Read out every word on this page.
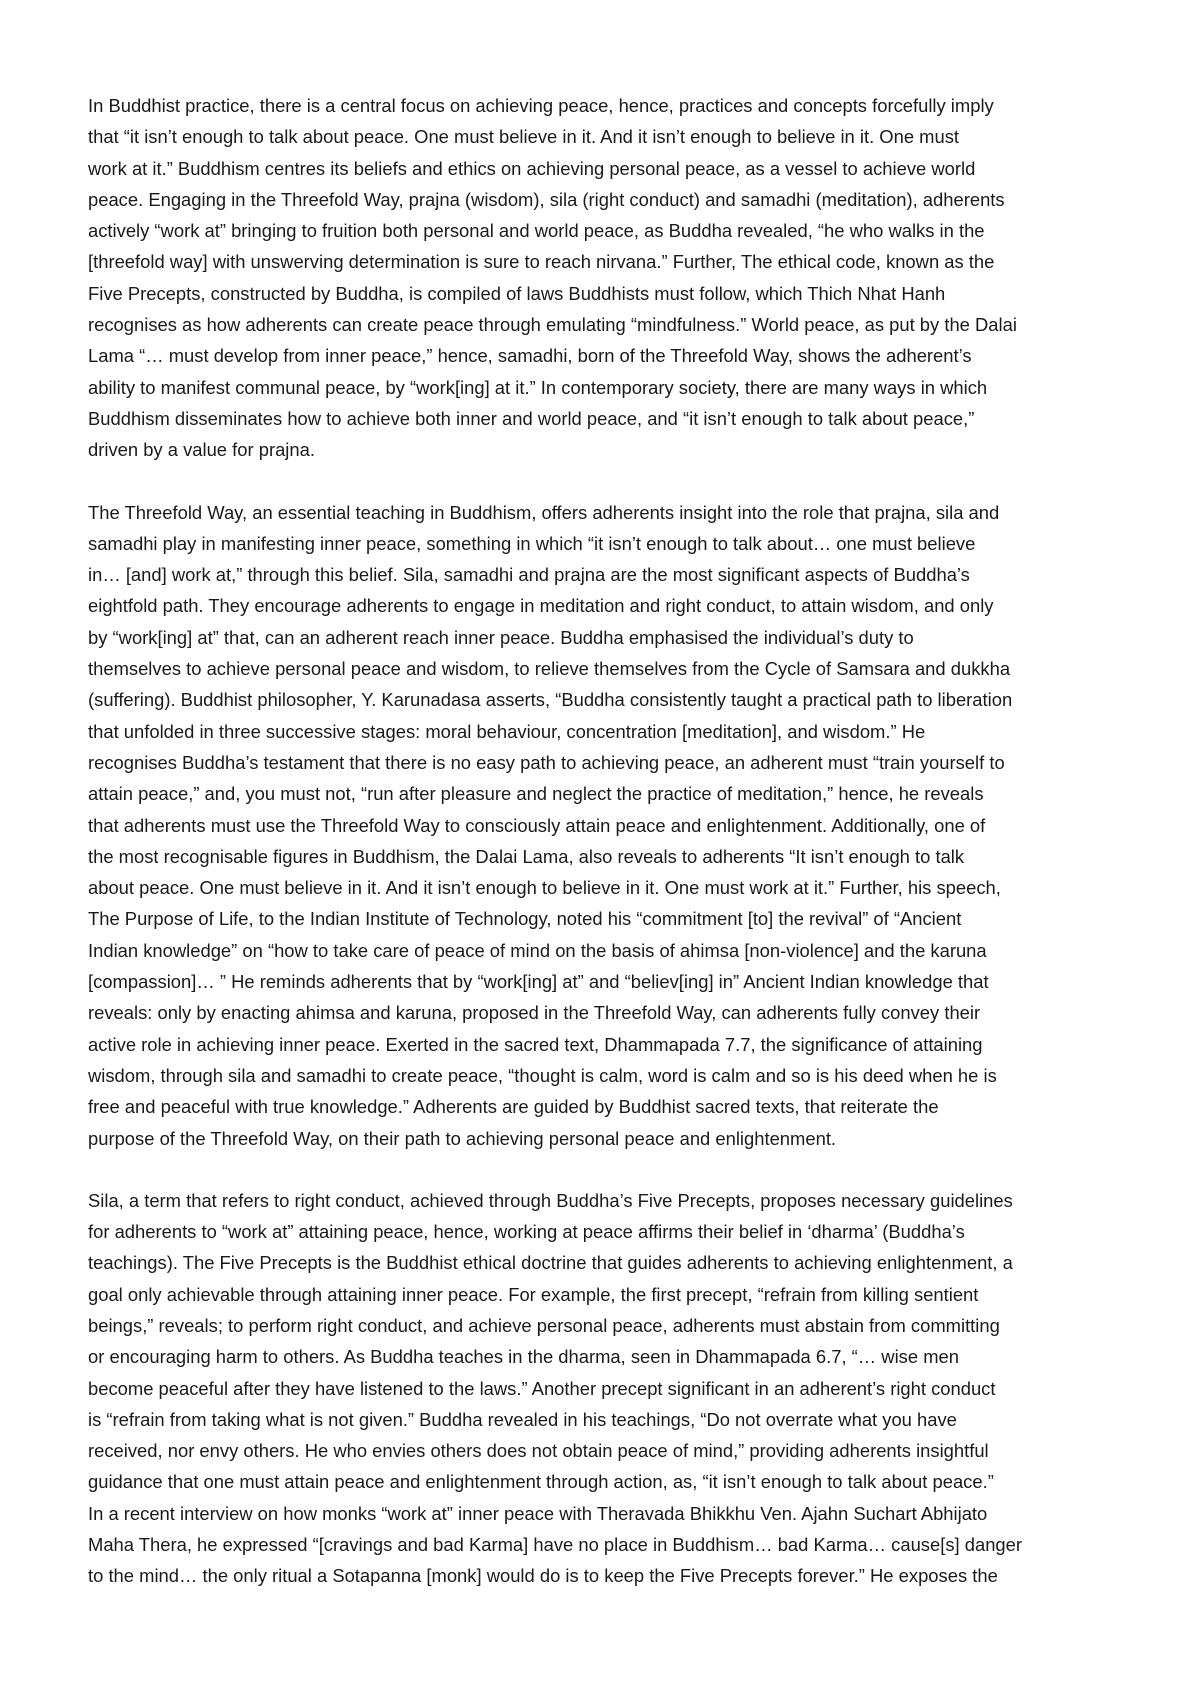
In Buddhist practice, there is a central focus on achieving peace, hence, practices and concepts forcefully imply
that “it isn’t enough to talk about peace. One must believe in it. And it isn’t enough to believe in it. One must
work at it.” Buddhism centres its beliefs and ethics on achieving personal peace, as a vessel to achieve world
peace. Engaging in the Threefold Way, prajna (wisdom), sila (right conduct) and samadhi (meditation), adherents
actively “work at” bringing to fruition both personal and world peace, as Buddha revealed, “he who walks in the
[threefold way] with unswerving determination is sure to reach nirvana.” Further, The ethical code, known as the
Five Precepts, constructed by Buddha, is compiled of laws Buddhists must follow, which Thich Nhat Hanh
recognises as how adherents can create peace through emulating “mindfulness.” World peace, as put by the Dalai
Lama “… must develop from inner peace,” hence, samadhi, born of the Threefold Way, shows the adherent’s
ability to manifest communal peace, by “work[ing] at it.” In contemporary society, there are many ways in which
Buddhism disseminates how to achieve both inner and world peace, and “it isn’t enough to talk about peace,”
driven by a value for prajna.

The Threefold Way, an essential teaching in Buddhism, offers adherents insight into the role that prajna, sila and
samadhi play in manifesting inner peace, something in which “it isn’t enough to talk about… one must believe
in… [and] work at,” through this belief. Sila, samadhi and prajna are the most significant aspects of Buddha’s
eightfold path. They encourage adherents to engage in meditation and right conduct, to attain wisdom, and only
by “work[ing] at” that, can an adherent reach inner peace. Buddha emphasised the individual’s duty to
themselves to achieve personal peace and wisdom, to relieve themselves from the Cycle of Samsara and dukkha
(suffering). Buddhist philosopher, Y. Karunadasa asserts, “Buddha consistently taught a practical path to liberation
that unfolded in three successive stages: moral behaviour, concentration [meditation], and wisdom.” He
recognises Buddha’s testament that there is no easy path to achieving peace, an adherent must “train yourself to
attain peace,” and, you must not, “run after pleasure and neglect the practice of meditation,” hence, he reveals
that adherents must use the Threefold Way to consciously attain peace and enlightenment. Additionally, one of
the most recognisable figures in Buddhism, the Dalai Lama, also reveals to adherents “It isn’t enough to talk
about peace. One must believe in it. And it isn’t enough to believe in it. One must work at it.” Further, his speech,
The Purpose of Life, to the Indian Institute of Technology, noted his “commitment [to] the revival” of “Ancient
Indian knowledge” on “how to take care of peace of mind on the basis of ahimsa [non-violence] and the karuna
[compassion]… ” He reminds adherents that by “work[ing] at” and “believ[ing] in” Ancient Indian knowledge that
reveals: only by enacting ahimsa and karuna, proposed in the Threefold Way, can adherents fully convey their
active role in achieving inner peace. Exerted in the sacred text, Dhammapada 7.7, the significance of attaining
wisdom, through sila and samadhi to create peace, “thought is calm, word is calm and so is his deed when he is
free and peaceful with true knowledge.” Adherents are guided by Buddhist sacred texts, that reiterate the
purpose of the Threefold Way, on their path to achieving personal peace and enlightenment.

Sila, a term that refers to right conduct, achieved through Buddha’s Five Precepts, proposes necessary guidelines
for adherents to “work at” attaining peace, hence, working at peace affirms their belief in ‘dharma’ (Buddha’s
teachings). The Five Precepts is the Buddhist ethical doctrine that guides adherents to achieving enlightenment, a
goal only achievable through attaining inner peace. For example, the first precept, “refrain from killing sentient
beings,” reveals; to perform right conduct, and achieve personal peace, adherents must abstain from committing
or encouraging harm to others. As Buddha teaches in the dharma, seen in Dhammapada 6.7, “… wise men
become peaceful after they have listened to the laws.” Another precept significant in an adherent’s right conduct
is “refrain from taking what is not given.” Buddha revealed in his teachings, “Do not overrate what you have
received, nor envy others. He who envies others does not obtain peace of mind,” providing adherents insightful
guidance that one must attain peace and enlightenment through action, as, “it isn’t enough to talk about peace.”
In a recent interview on how monks “work at” inner peace with Theravada Bhikkhu Ven. Ajahn Suchart Abhijato
Maha Thera, he expressed “[cravings and bad Karma] have no place in Buddhism… bad Karma… cause[s] danger
to the mind… the only ritual a Sotapanna [monk] would do is to keep the Five Precepts forever.” He exposes the
